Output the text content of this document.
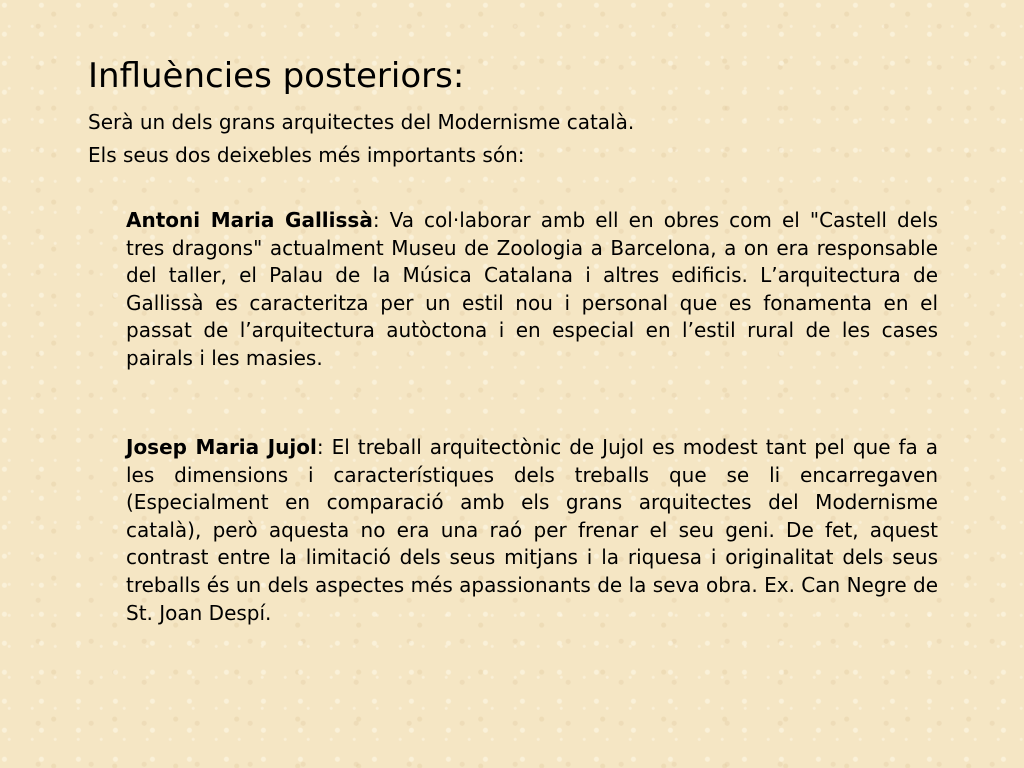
Influències posteriors:

Serà un dels grans arquitectes del Modernisme català.

Els seus dos deixebles més importants són:

Antoni Maria Gallissà: Va col·laborar amb ell en obres com el "Castell dels tres dragons" actualment Museu de Zoologia a Barcelona, a on era responsable del taller, el Palau de la Música Catalana i altres edificis. L’arquitectura de Gallissà es caracteritza per un estil nou i personal que es fonamenta en el passat de l’arquitectura autòctona i en especial en l’estil rural de les cases pairals i les masies.

Josep Maria Jujol: El treball arquitectònic de Jujol es modest tant pel que fa a les dimensions i característiques dels treballs que se li encarregaven (Especialment en comparació amb els grans arquitectes del Modernisme català), però aquesta no era una raó per frenar el seu geni. De fet, aquest contrast entre la limitació dels seus mitjans i la riquesa i originalitat dels seus treballs és un dels aspectes més apassionants de la seva obra. Ex. Can Negre de St. Joan Despí.
